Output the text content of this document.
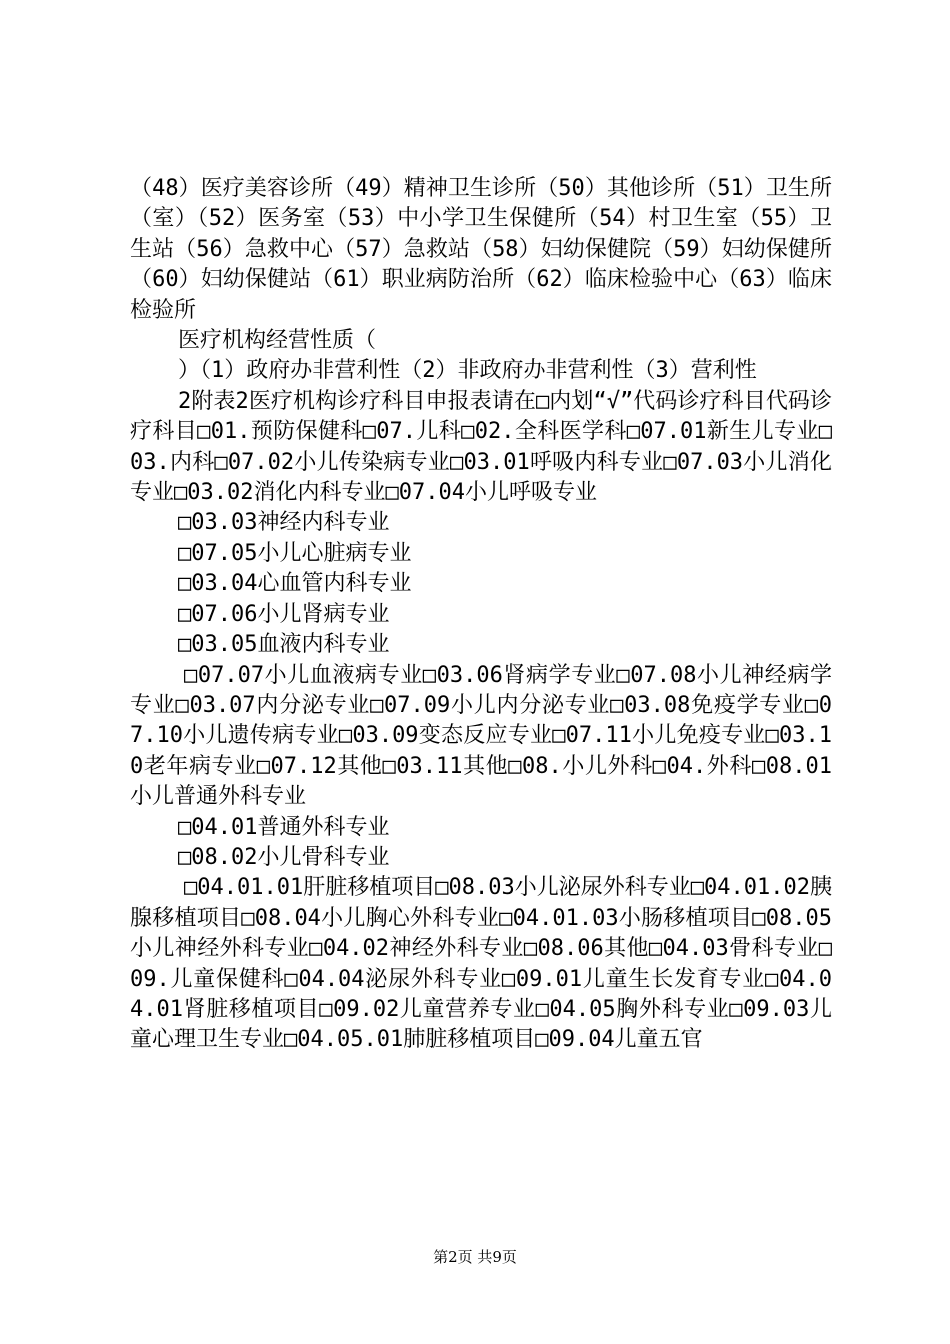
（48）医疗美容诊所（49）精神卫生诊所（50）其他诊所（51）卫生所（室）（52）医务室（53）中小学卫生保健所（54）村卫生室（55）卫生站（56）急救中心（57）急救站（58）妇幼保健院（59）妇幼保健所（60）妇幼保健站（61）职业病防治所（62）临床检验中心（63）临床检验所

医疗机构经营性质（

）（1）政府办非营利性（2）非政府办非营利性（3）营利性

2附表2医疗机构诊疗科目申报表请在□内划“√”代码诊疗科目代码诊疗科目□01.预防保健科□07.儿科□02.全科医学科□07.01新生儿专业□03.内科□07.02小儿传染病专业□03.01呼吸内科专业□07.03小儿消化专业□03.02消化内科专业□07.04小儿呼吸专业

□03.03神经内科专业

□07.05小儿心脏病专业

□03.04心血管内科专业

□07.06小儿肾病专业

□03.05血液内科专业

□07.07小儿血液病专业□03.06肾病学专业□07.08小儿神经病学专业□03.07内分泌专业□07.09小儿内分泌专业□03.08免疫学专业□07.10小儿遗传病专业□03.09变态反应专业□07.11小儿免疫专业□03.10老年病专业□07.12其他□03.11其他□08.小儿外科□04.外科□08.01小儿普通外科专业

□04.01普通外科专业

□08.02小儿骨科专业

□04.01.01肝脏移植项目□08.03小儿泌尿外科专业□04.01.02胰腺移植项目□08.04小儿胸心外科专业□04.01.03小肠移植项目□08.05小儿神经外科专业□04.02神经外科专业□08.06其他□04.03骨科专业□09.儿童保健科□04.04泌尿外科专业□09.01儿童生长发育专业□04.04.01肾脏移植项目□09.02儿童营养专业□04.05胸外科专业□09.03儿童心理卫生专业□04.05.01肺脏移植项目□09.04儿童五官

第2页 共9页
